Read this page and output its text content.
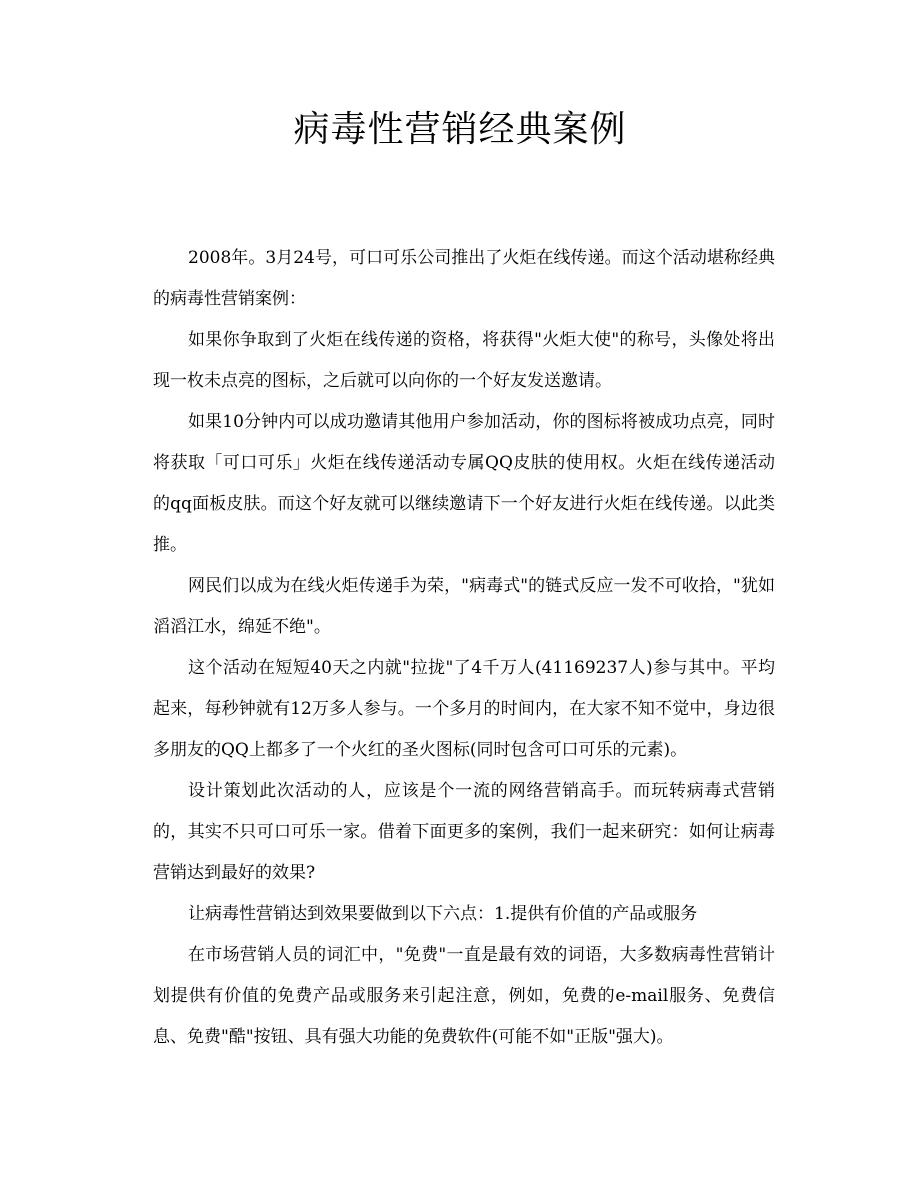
病毒性营销经典案例

2008年。3月24号，可口可乐公司推出了火炬在线传递。而这个活动堪称经典的病毒性营销案例：

如果你争取到了火炬在线传递的资格，将获得"火炬大使"的称号，头像处将出现一枚未点亮的图标，之后就可以向你的一个好友发送邀请。

如果10分钟内可以成功邀请其他用户参加活动，你的图标将被成功点亮，同时将获取「可口可乐」火炬在线传递活动专属QQ皮肤的使用权。火炬在线传递活动的qq面板皮肤。而这个好友就可以继续邀请下一个好友进行火炬在线传递。以此类推。

网民们以成为在线火炬传递手为荣，"病毒式"的链式反应一发不可收拾，"犹如滔滔江水，绵延不绝"。

这个活动在短短40天之内就"拉拢"了4千万人(41169237人)参与其中。平均起来，每秒钟就有12万多人参与。一个多月的时间内，在大家不知不觉中，身边很多朋友的QQ上都多了一个火红的圣火图标(同时包含可口可乐的元素)。

设计策划此次活动的人，应该是个一流的网络营销高手。而玩转病毒式营销的，其实不只可口可乐一家。借着下面更多的案例，我们一起来研究：如何让病毒营销达到最好的效果?

让病毒性营销达到效果要做到以下六点：1.提供有价值的产品或服务

在市场营销人员的词汇中，"免费"一直是最有效的词语，大多数病毒性营销计划提供有价值的免费产品或服务来引起注意，例如，免费的e-mail服务、免费信息、免费"酷"按钮、具有强大功能的免费软件(可能不如"正版"强大)。
